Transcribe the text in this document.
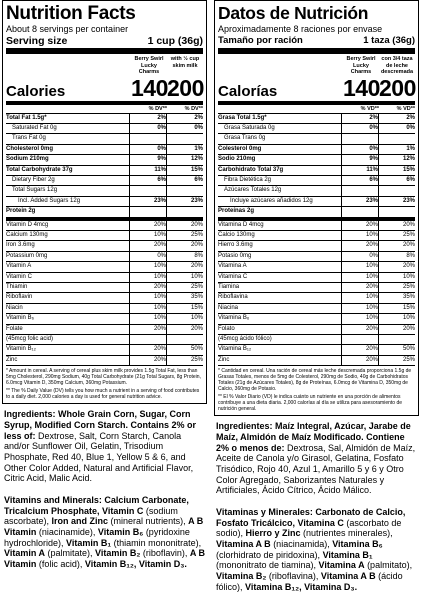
Nutrition Facts
About 8 servings per container
Serving size	1 cup (36g)
Berry Swirl Lucky Charms
with ½ cup skim milk
Calories	140 200
% DV**	% DV**
Total Fat 1.5g*	2%	2%
Saturated Fat 0g	0%	0%
Trans Fat 0g
Cholesterol 0mg	0%	1%
Sodium 210mg	9%	12%
Total Carbohydrate 37g	11%	15%
Dietary Fiber 2g	6%	6%
Total Sugars 12g
Incl. Added Sugars 12g	23%	23%
Protein 2g
Vitamin D 4mcg	20%	20%
Calcium 130mg	10%	25%
Iron 3.6mg	20%	20%
Potassium 0mg	0%	8%
Vitamin A	10%	20%
Vitamin C	10%	10%
Thiamin	20%	25%
Riboflavin	10%	35%
Niacin	10%	15%
Vitamin B₆	10%	10%
Folate	20%	20%
(45mcg folic acid)
Vitamin B₁₂	20%	50%
Zinc	20%	25%
* Amount in cereal. A serving of cereal plus skim milk provides 1.5g Total Fat, less than 5mg Cholesterol, 290mg Sodium, 40g Total Carbohydrate (21g Total Sugars, 8g Protein, 6.0mcg Vitamin D, 350mg Calcium, 360mg Potassium.
** The % Daily Value (DV) tells you how much a nutrient in a serving of food contributes to a daily diet. 2,000 calories a day is used for general nutrition advice.
Ingredients: Whole Grain Corn, Sugar, Corn Syrup, Modified Corn Starch. Contains 2% or less of: Dextrose, Salt, Corn Starch, Canola and/or Sunflower Oil, Gelatin, Trisodium Phosphate, Red 40, Blue 1, Yellow 5 & 6, and Other Color Added, Natural and Artificial Flavor, Citric Acid, Malic Acid.

Vitamins and Minerals: Calcium Carbonate, Tricalcium Phosphate, Vitamin C (sodium ascorbate), Iron and Zinc (mineral nutrients), A B Vitamin (niacinamide), Vitamin B₆ (pyridoxine hydrochloride), Vitamin B₁ (thiamin mononitrate), Vitamin A (palmitate), Vitamin B₂ (riboflavin), A B Vitamin (folic acid), Vitamin B₁₂, Vitamin D₃.
Datos de Nutrición
Aproximadamente 8 raciones por envase
Tamaño por ración	1 taza (36g)
Berry Swirl Lucky Charms
con 3/4 taza de leche descremada
Calorías	140 200
% VD**	% VD**
Grasa Total 1.5g*	2%	2%
Grasa Saturada 0g	0%	0%
Grasa Trans 0g
Colesterol 0mg	0%	1%
Sodio 210mg	9%	12%
Carbohidrato Total 37g	11%	15%
Fibra Dietética 2g	6%	6%
Azúcares Totales 12g
Incluye azúcares añadidos 12g	23%	23%
Proteínas 2g
Vitamina D 4mcg	20%	20%
Calcio 130mg	10%	25%
Hierro 3.6mg	20%	20%
Potasio 0mg	0%	8%
Vitamina A	10%	20%
Vitamina C	10%	10%
Tiamina	20%	25%
Riboflavina	10%	35%
Niacina	10%	15%
Vitamina B₆	10%	10%
Folato	20%	20%
(45mcg ácido fólico)
Vitamina B₁₂	20%	50%
Zinc	20%	25%
* Cantidad en cereal. Una ración de cereal más leche descremada proporciona 1.5g de Grasas Totales, menos de 5mg de Colesterol, 290mg de Sodio, 40g de Carbohidratos Totales (21g de Azúcares Totales), 8g de Proteínas, 6.0mcg de Vitamina D, 350mg de Calcio, 360mg de Potasio.
** El % Valor Diario (VD) le indica cuánto un nutriente en una porción de alimentos contribuye a una dieta diaria. 2,000 calorías al día se utiliza para asesoramiento de nutrición general.
Ingredientes: Maíz Integral, Azúcar, Jarabe de Maíz, Almidón de Maíz Modificado. Contiene 2% o menos de: Dextrosa, Sal, Almidón de Maíz, Aceite de Canola y/o Girasol, Gelatina, Fosfato Trisódico, Rojo 40, Azul 1, Amarillo 5 y 6 y Otro Color Agregado, Saborizantes Naturales y Artificiales, Ácido Cítrico, Ácido Málico.

Vitaminas y Minerales: Carbonato de Calcio, Fosfato Tricálcico, Vitamina C (ascorbato de sodio), Hierro y Zinc (nutrientes minerales), Vitamina A B (niacinamida), Vitamina B₆ (clorhidrato de piridoxina), Vitamina B₁ (mononitrato de tiamina), Vitamina A (palmitato), Vitamina B₂ (riboflavina), Vitamina A B (ácido fólico), Vitamina B₁₂, Vitamina D₃.
